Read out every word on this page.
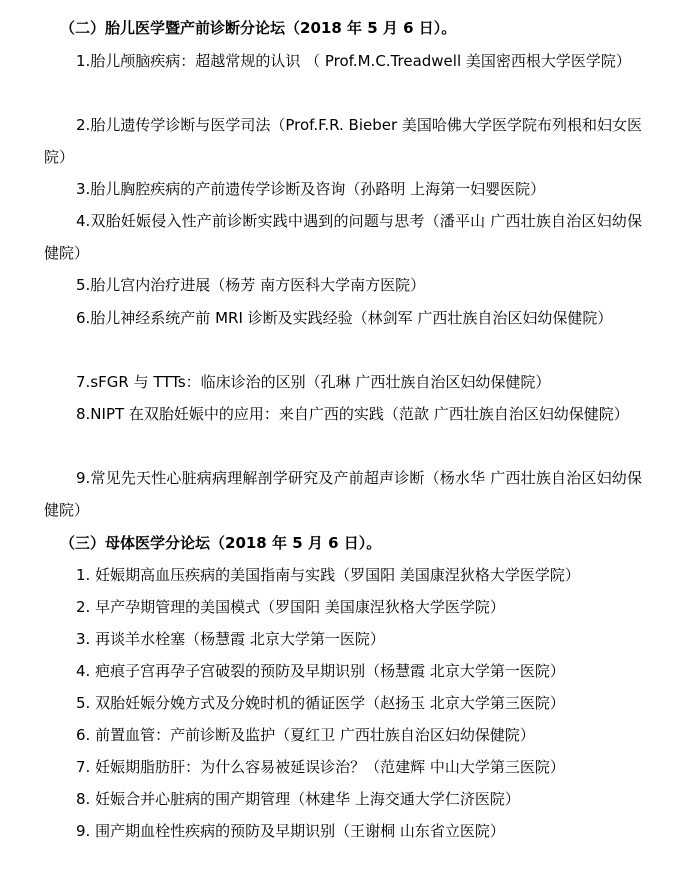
（二）胎儿医学暨产前诊断分论坛（2018 年 5 月 6 日）。
1.胎儿颅脑疾病：超越常规的认识 （ Prof.M.C.Treadwell 美国密西根大学医学院）
2.胎儿遗传学诊断与医学司法（Prof.F.R. Bieber 美国哈佛大学医学院布列根和妇女医院）
3.胎儿胸腔疾病的产前遗传学诊断及咨询（孙路明 上海第一妇婴医院）
4.双胎妊娠侵入性产前诊断实践中遇到的问题与思考（潘平山 广西壮族自治区妇幼保健院）
5.胎儿宫内治疗进展（杨芳 南方医科大学南方医院）
6.胎儿神经系统产前 MRI 诊断及实践经验（林剑军 广西壮族自治区妇幼保健院）
7.sFGR 与 TTTs：临床诊治的区别（孔琳 广西壮族自治区妇幼保健院）
8.NIPT 在双胎妊娠中的应用：来自广西的实践（范歆 广西壮族自治区妇幼保健院）
9.常见先天性心脏病病理解剖学研究及产前超声诊断（杨水华 广西壮族自治区妇幼保健院）
（三）母体医学分论坛（2018 年 5 月 6 日）。
1. 妊娠期高血压疾病的美国指南与实践（罗国阳 美国康涅狄格大学医学院）
2. 早产孕期管理的美国模式（罗国阳 美国康涅狄格大学医学院）
3. 再谈羊水栓塞（杨慧霞 北京大学第一医院）
4. 疤痕子宫再孕子宫破裂的预防及早期识别（杨慧霞 北京大学第一医院）
5. 双胎妊娠分娩方式及分娩时机的循证医学（赵扬玉 北京大学第三医院）
6. 前置血管：产前诊断及监护（夏红卫 广西壮族自治区妇幼保健院）
7. 妊娠期脂肪肝：为什么容易被延误诊治？（范建辉 中山大学第三医院）
8. 妊娠合并心脏病的围产期管理（林建华 上海交通大学仁济医院）
9. 围产期血栓性疾病的预防及早期识别（王谢桐 山东省立医院）
